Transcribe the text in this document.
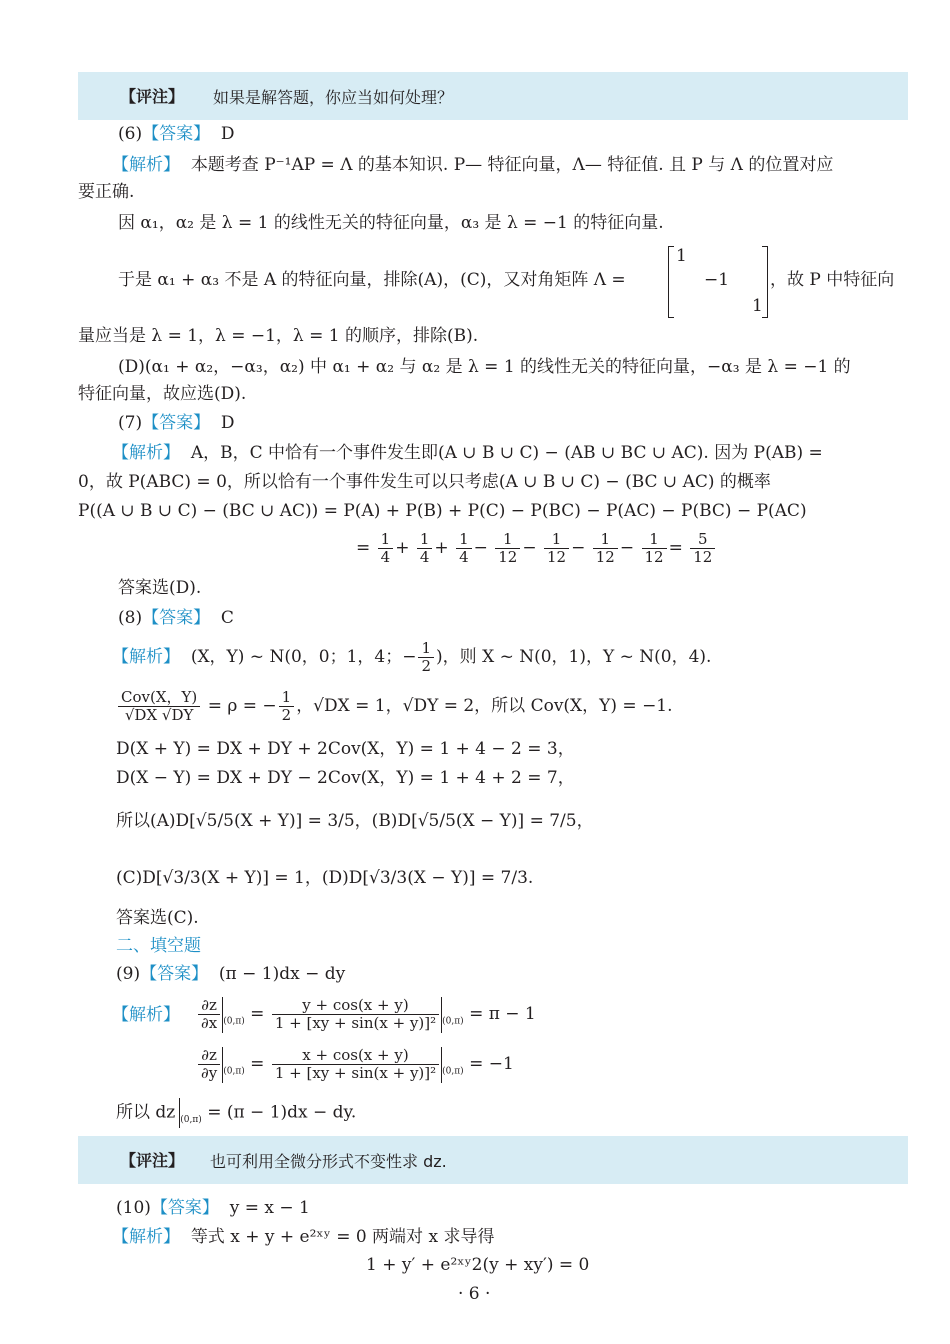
【评注】 如果是解答题，你应当如何处理？
(6)【答案】 D
【解析】 本题考查 P⁻¹AP = Λ 的基本知识. P— 特征向量，Λ— 特征值. 且 P 与 Λ 的位置对应
要正确.
因 α₁，α₂ 是 λ = 1 的线性无关的特征向量，α₃ 是 λ = −1 的特征向量.
于是 α₁ + α₃ 不是 A 的特征向量，排除(A)，(C)，又对角矩阵 Λ =
1
−1
1
，故 P 中特征向
量应当是 λ = 1，λ = −1，λ = 1 的顺序，排除(B).
(D)(α₁ + α₂，−α₃，α₂) 中 α₁ + α₂ 与 α₂ 是 λ = 1 的线性无关的特征向量，−α₃ 是 λ = −1 的
特征向量，故应选(D).
(7)【答案】 D
【解析】 A，B，C 中恰有一个事件发生即(A ∪ B ∪ C) − (AB ∪ BC ∪ AC). 因为 P(AB) =
0，故 P(ABC) = 0，所以恰有一个事件发生可以只考虑(A ∪ B ∪ C) − (BC ∪ AC) 的概率
P((A ∪ B ∪ C) − (BC ∪ AC)) = P(A) + P(B) + P(C) − P(BC) − P(AC) − P(BC) − P(AC)
= $\frac{1}{4} + \frac{1}{4} + \frac{1}{4} - \frac{1}{12} - \frac{1}{12} - \frac{1}{12} - \frac{1}{12} = \frac{5}{12}$
答案选(D).
(8)【答案】 C
【解析】 (X，Y) ~ N(0，0；1，4；− $\frac{1}{2}$ )，则 X ~ N(0，1)，Y ~ N(0，4).
$\frac{\text{Cov(X，Y)}}{√DX √DY} = \rho$ = − $\frac{1}{2}$ ，√DX = 1，√DY = 2，所以 Cov(X，Y) = −1.
D(X + Y) = DX + DY + 2Cov(X，Y) = 1 + 4 − 2 = 3，
D(X − Y) = DX + DY − 2Cov(X，Y) = 1 + 4 + 2 = 7，
所以(A)D[√5/5(X + Y)] = 3/5，(B)D[√5/5(X − Y)] = 7/5，
(C)D[√3/3(X + Y)] = 1，(D)D[√3/3(X − Y)] = 7/3.
答案选(C).
二、填空题
(9)【答案】 (π − 1)dx − dy
【解析】 $\frac{\partial z}{\partial x} _{(0,\pi)} = \frac{y + \cos(x + y)}{\text{1 + [xy + sin(x + y)]²}} _{(0,\pi)} = \pi - 1$
$\frac{\partial z}{\partial y} _{(0,\pi)} = \frac{x + \cos(x + y)}{\text{1 + [xy + sin(x + y)]²}} _{(0,\pi)} = -1$
所以 dz $_{(0,\pi)}$ = (π − 1)dx − dy.
【评注】 也可利用全微分形式不变性求 dz.
(10)【答案】 y = x − 1
【解析】 等式 x + y + e²ˣʸ = 0 两端对 x 求导得
1 + y′ + e²ˣʸ2(y + xy′) = 0
· 6 ·
